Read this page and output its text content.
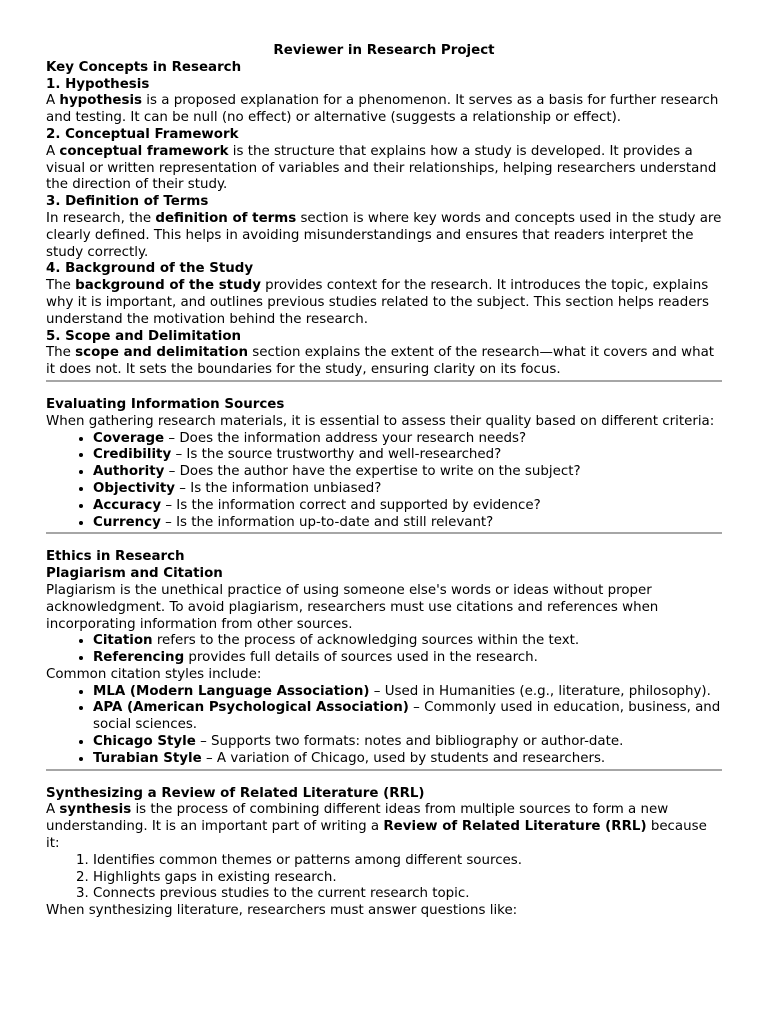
Reviewer in Research Project

Key Concepts in Research
1. Hypothesis

A hypothesis is a proposed explanation for a phenomenon. It serves as a basis for further research and testing. It can be null (no effect) or alternative (suggests a relationship or effect).

2. Conceptual Framework

A conceptual framework is the structure that explains how a study is developed. It provides a visual or written representation of variables and their relationships, helping researchers understand the direction of their study.

3. Definition of Terms

In research, the definition of terms section is where key words and concepts used in the study are clearly defined. This helps in avoiding misunderstandings and ensures that readers interpret the study correctly.

4. Background of the Study

The background of the study provides context for the research. It introduces the topic, explains why it is important, and outlines previous studies related to the subject. This section helps readers understand the motivation behind the research.

5. Scope and Delimitation

The scope and delimitation section explains the extent of the research—what it covers and what it does not. It sets the boundaries for the study, ensuring clarity on its focus.

Evaluating Information Sources

When gathering research materials, it is essential to assess their quality based on different criteria:

• Coverage – Does the information address your research needs?
• Credibility – Is the source trustworthy and well-researched?
• Authority – Does the author have the expertise to write on the subject?
• Objectivity – Is the information unbiased?
• Accuracy – Is the information correct and supported by evidence?
• Currency – Is the information up-to-date and still relevant?
Ethics in Research
Plagiarism and Citation

Plagiarism is the unethical practice of using someone else's words or ideas without proper acknowledgment. To avoid plagiarism, researchers must use citations and references when incorporating information from other sources.

• Citation refers to the process of acknowledging sources within the text.
• Referencing provides full details of sources used in the research.

Common citation styles include:

• MLA (Modern Language Association) – Used in Humanities (e.g., literature, philosophy).
• APA (American Psychological Association) – Commonly used in education, business, and social sciences.
• Chicago Style – Supports two formats: notes and bibliography or author-date.
• Turabian Style – A variation of Chicago, used by students and researchers.
Synthesizing a Review of Related Literature (RRL)

A synthesis is the process of combining different ideas from multiple sources to form a new understanding. It is an important part of writing a Review of Related Literature (RRL) because it:

1. Identifies common themes or patterns among different sources.
2. Highlights gaps in existing research.
3. Connects previous studies to the current research topic.

When synthesizing literature, researchers must answer questions like:
